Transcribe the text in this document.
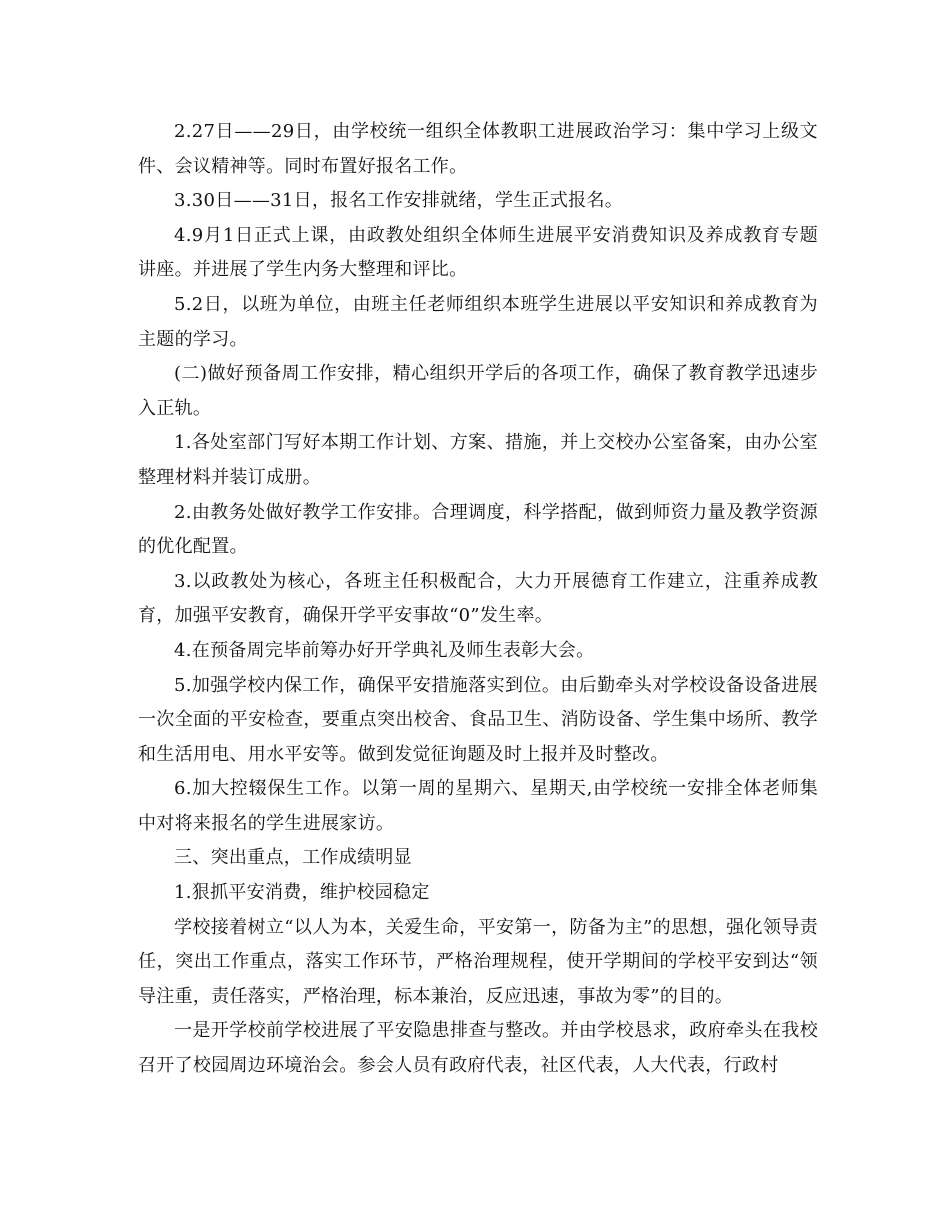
2.27日——29日，由学校统一组织全体教职工进展政治学习：集中学习上级文件、会议精神等。同时布置好报名工作。

3.30日——31日，报名工作安排就绪，学生正式报名。

4.9月1日正式上课，由政教处组织全体师生进展平安消费知识及养成教育专题讲座。并进展了学生内务大整理和评比。

5.2日，以班为单位，由班主任老师组织本班学生进展以平安知识和养成教育为主题的学习。

(二)做好预备周工作安排，精心组织开学后的各项工作，确保了教育教学迅速步入正轨。

1.各处室部门写好本期工作计划、方案、措施，并上交校办公室备案，由办公室整理材料并装订成册。

2.由教务处做好教学工作安排。合理调度，科学搭配，做到师资力量及教学资源的优化配置。

3.以政教处为核心，各班主任积极配合，大力开展德育工作建立，注重养成教育，加强平安教育，确保开学平安事故“0”发生率。

4.在预备周完毕前筹办好开学典礼及师生表彰大会。

5.加强学校内保工作，确保平安措施落实到位。由后勤牵头对学校设备设备进展一次全面的平安检查，要重点突出校舍、食品卫生、消防设备、学生集中场所、教学和生活用电、用水平安等。做到发觉征询题及时上报并及时整改。

6.加大控辍保生工作。以第一周的星期六、星期天,由学校统一安排全体老师集中对将来报名的学生进展家访。

三、突出重点，工作成绩明显

1.狠抓平安消费，维护校园稳定

学校接着树立“以人为本，关爱生命，平安第一，防备为主”的思想，强化领导责任，突出工作重点，落实工作环节，严格治理规程，使开学期间的学校平安到达“领导注重，责任落实，严格治理，标本兼治，反应迅速，事故为零”的目的。

一是开学校前学校进展了平安隐患排查与整改。并由学校恳求，政府牵头在我校召开了校园周边环境治会。参会人员有政府代表，社区代表，人大代表，行政村
